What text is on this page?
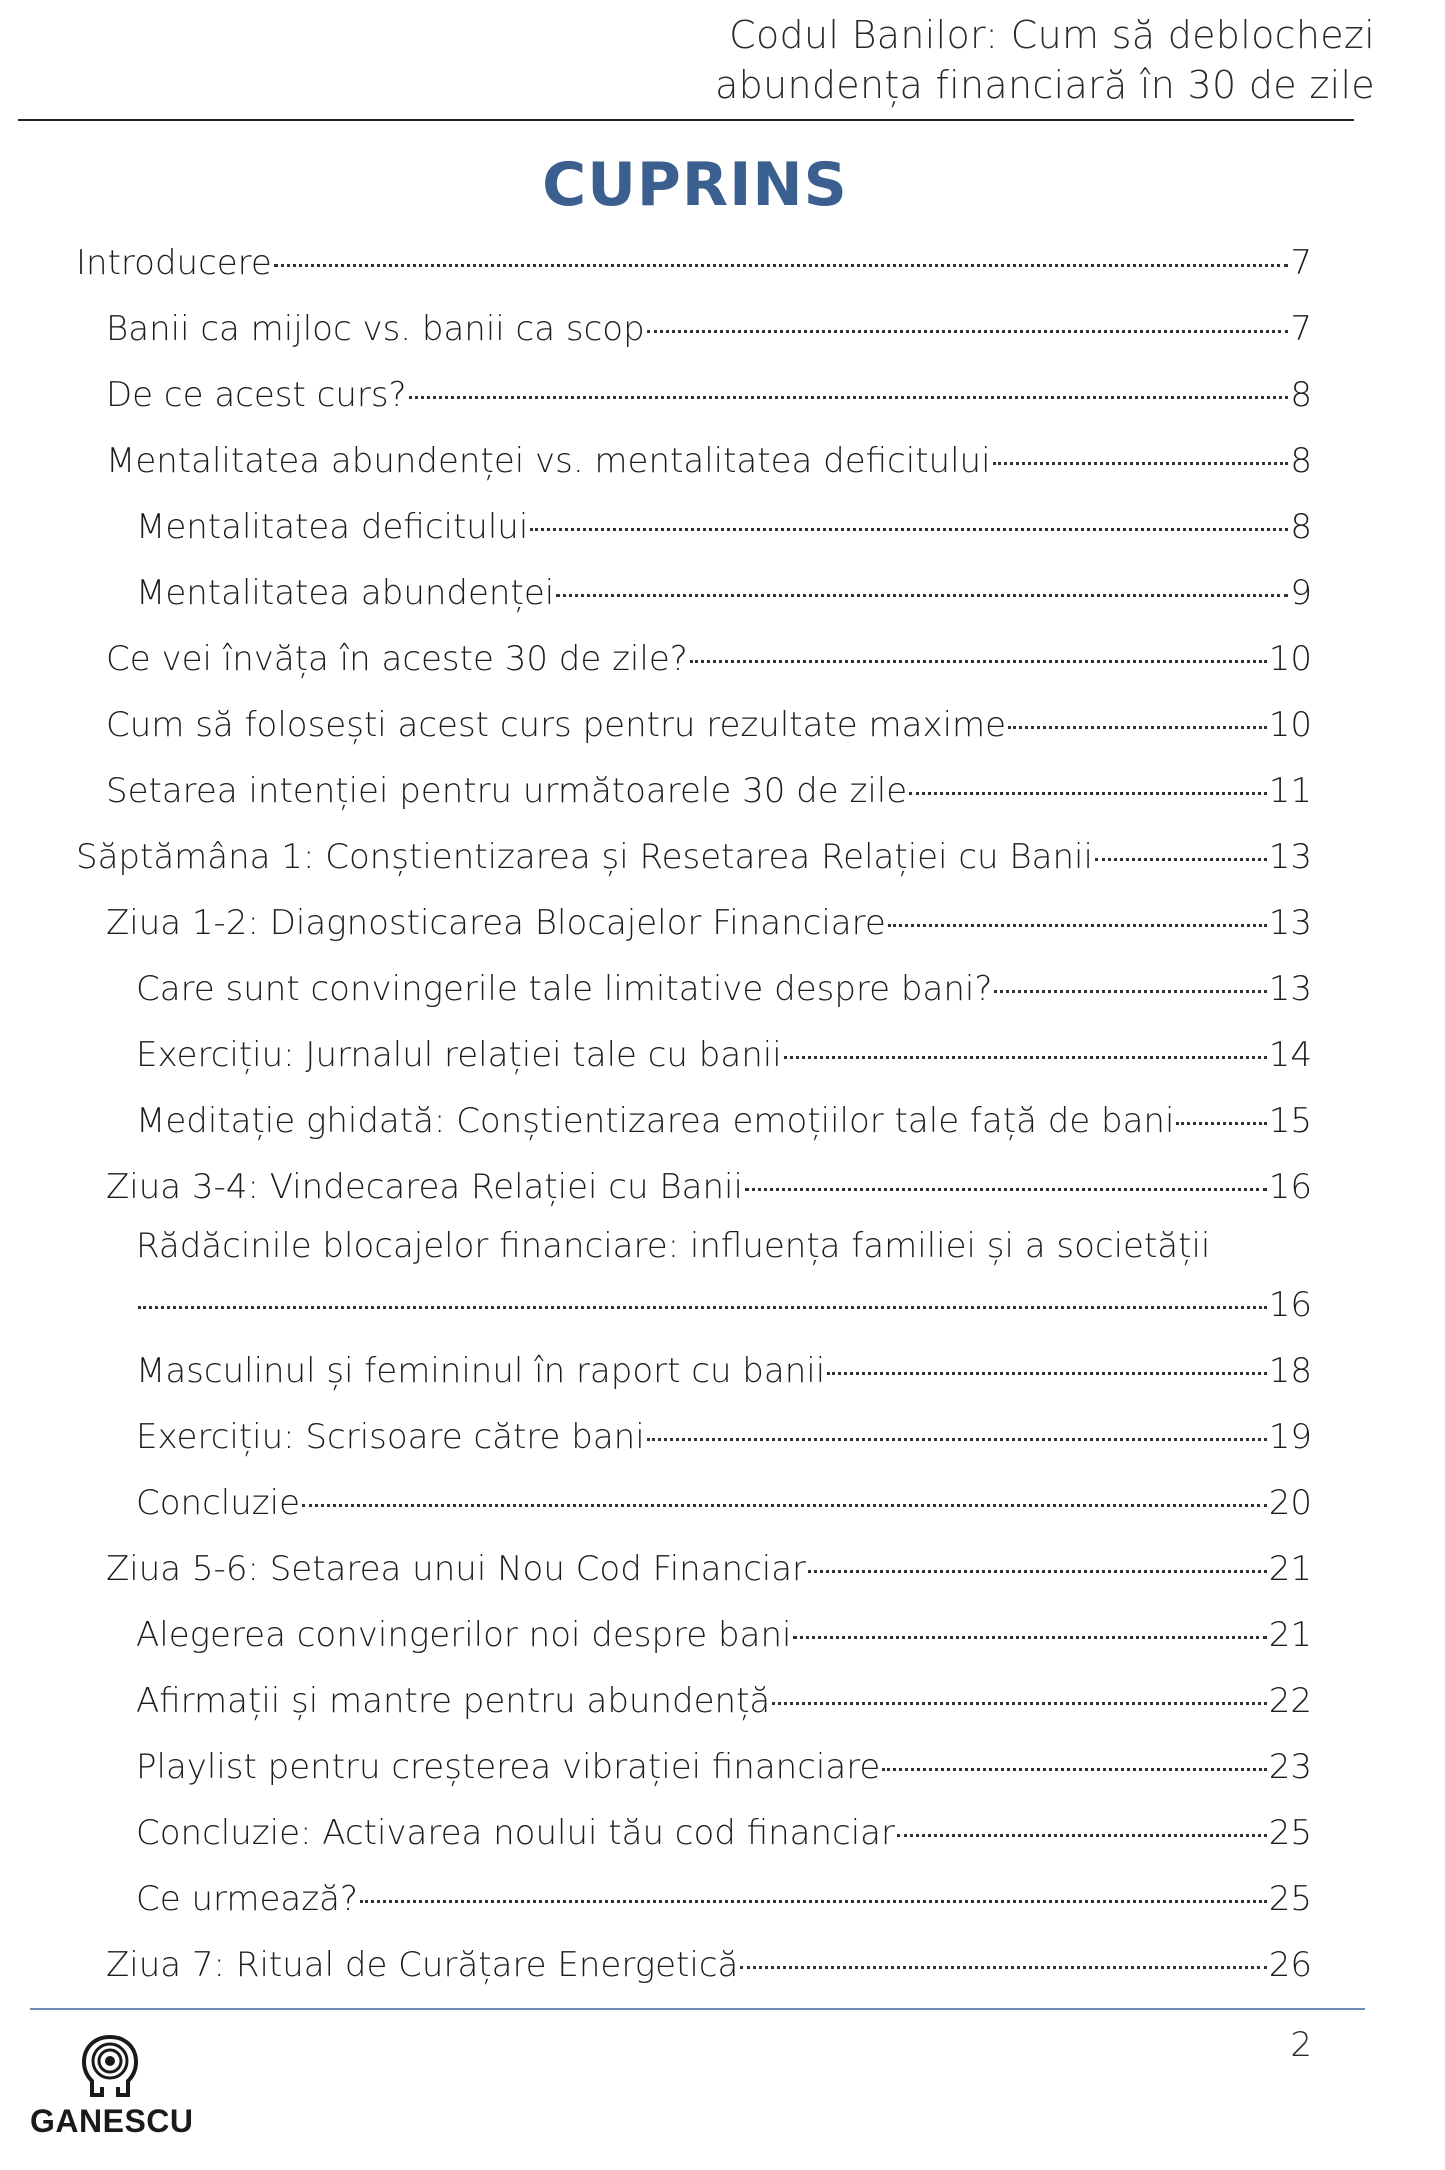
Codul Banilor: Cum să deblochezi
abundența financiară în 30 de zile
CUPRINS
Introducere	7
Banii ca mijloc vs. banii ca scop	7
De ce acest curs?	8
Mentalitatea abundenței vs. mentalitatea deficitului	8
Mentalitatea deficitului	8
Mentalitatea abundenței	9
Ce vei învăța în aceste 30 de zile?	10
Cum să folosești acest curs pentru rezultate maxime	10
Setarea intenției pentru următoarele 30 de zile	11
Săptămâna 1: Conștientizarea și Resetarea Relației cu Banii	13
Ziua 1-2: Diagnosticarea Blocajelor Financiare	13
Care sunt convingerile tale limitative despre bani?	13
Exercițiu: Jurnalul relației tale cu banii	14
Meditație ghidată: Conștientizarea emoțiilor tale față de bani	15
Ziua 3-4: Vindecarea Relației cu Banii	16
Rădăcinile blocajelor financiare: influența familiei și a societății
16
Masculinul și femininul în raport cu banii	18
Exercițiu: Scrisoare către bani	19
Concluzie	20
Ziua 5-6: Setarea unui Nou Cod Financiar	21
Alegerea convingerilor noi despre bani	21
Afirmații și mantre pentru abundență	22
Playlist pentru creșterea vibrației financiare	23
Concluzie: Activarea noului tău cod financiar	25
Ce urmează?	25
Ziua 7: Ritual de Curățare Energetică	26
2
GANESCU
